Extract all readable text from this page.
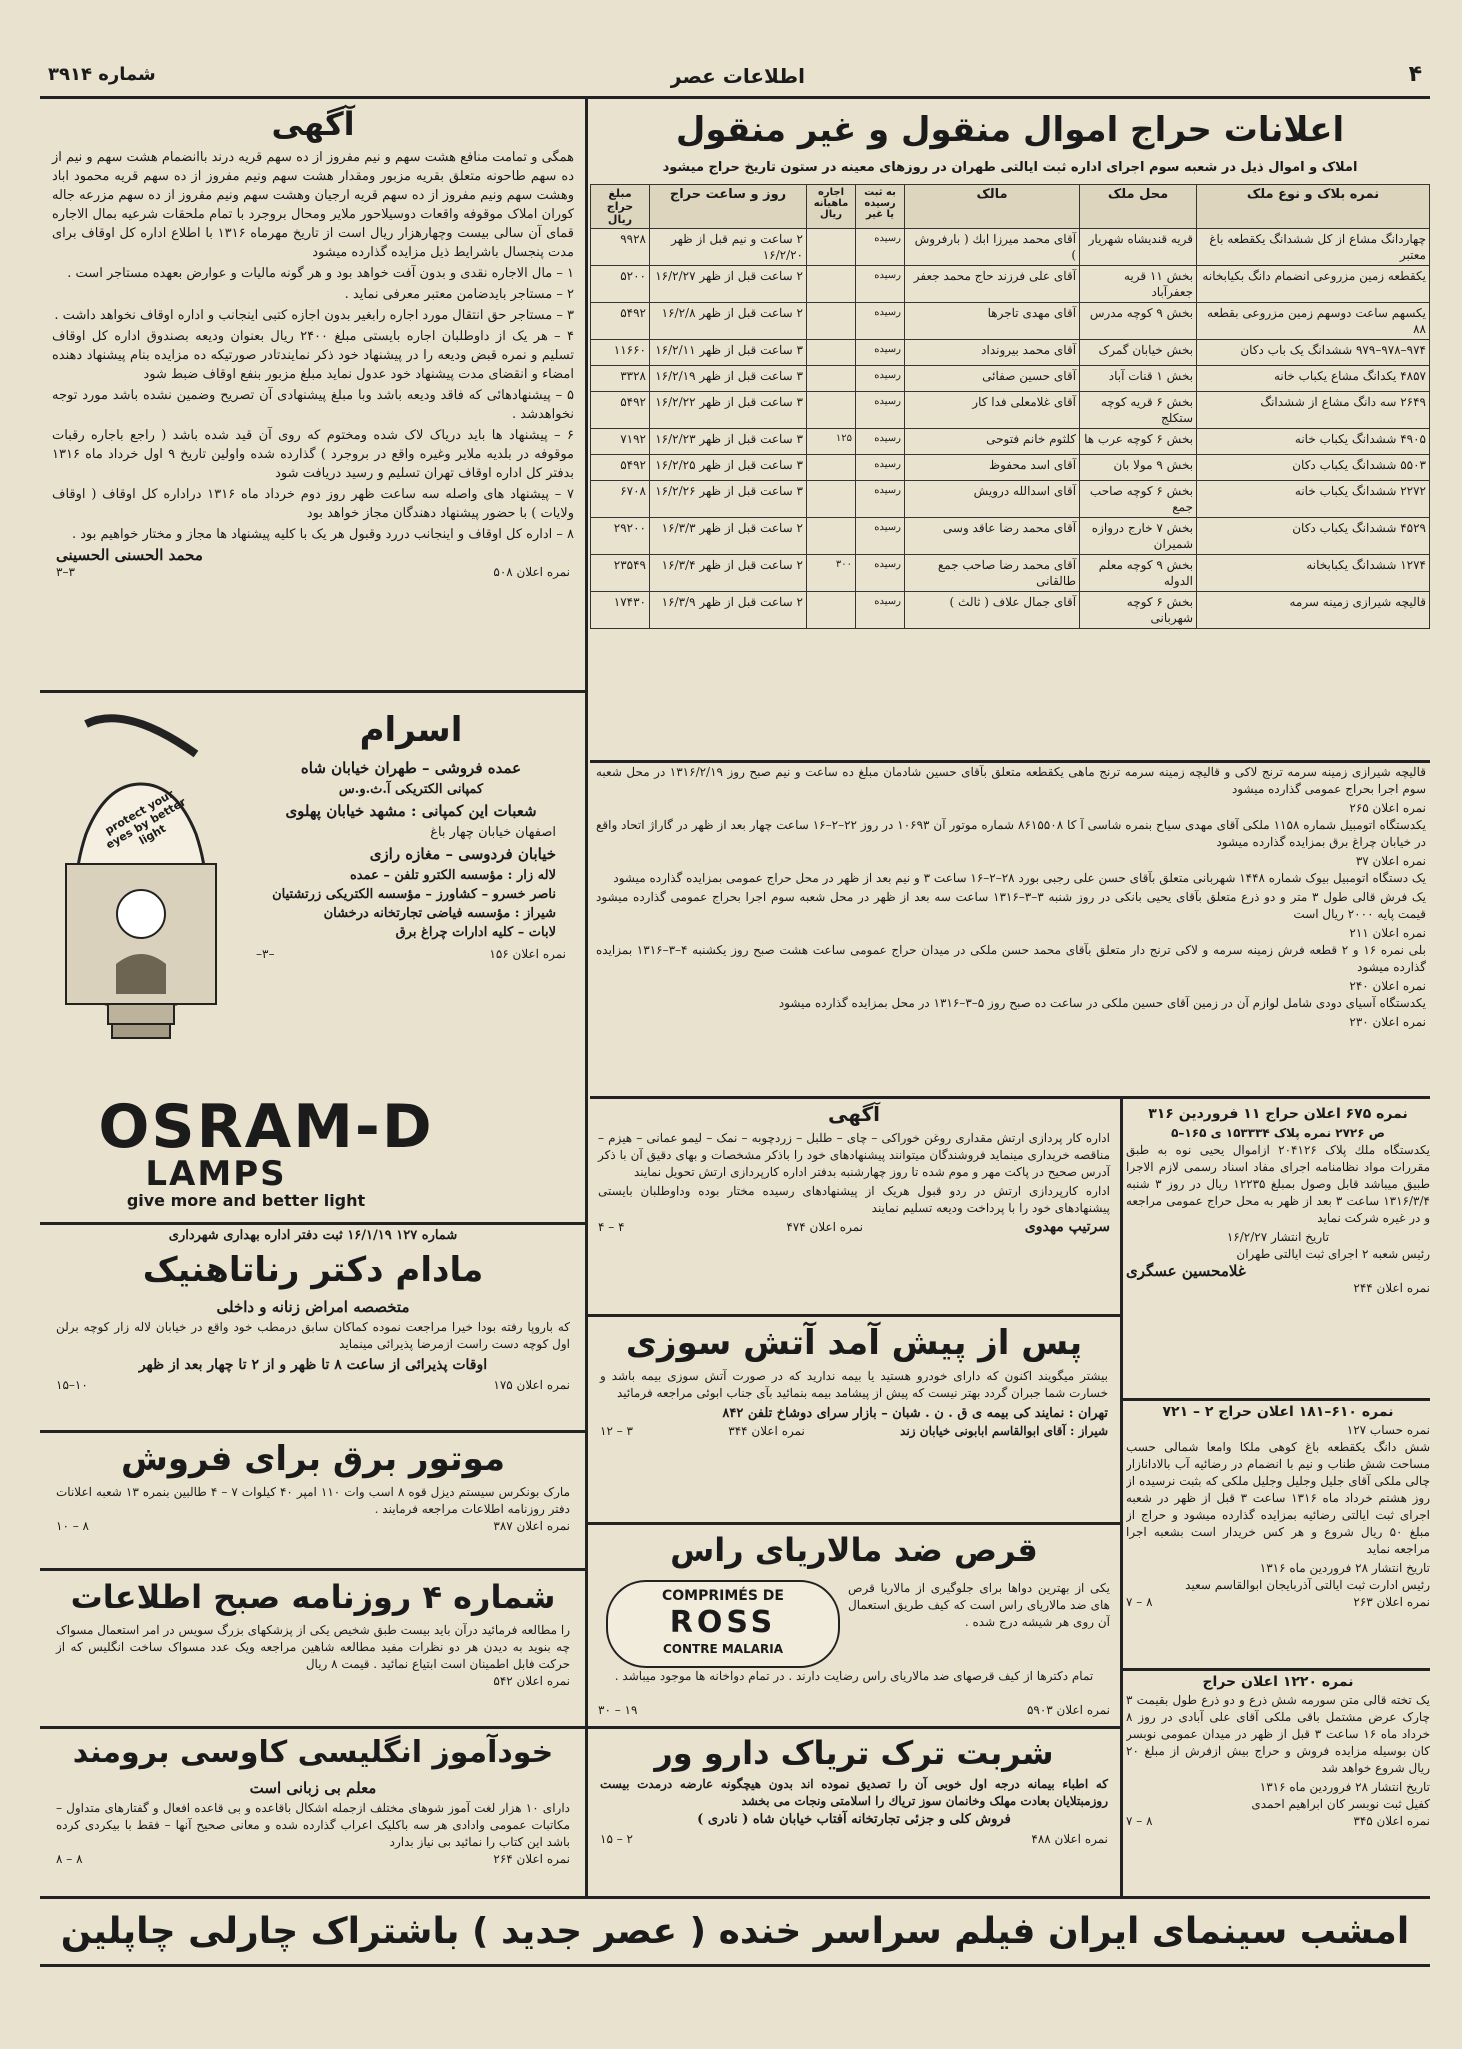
۴
اطلاعات عصر
شماره ۳۹۱۴
اعلانات حراج اموال منقول و غیر منقول
املاک و اموال ذیل در شعبه سوم اجرای اداره ثبت ایالتی طهران در روزهای معینه در ستون تاریخ حراج میشود
نمره بلاک و نوع ملک	محل ملک	مالک	به ثبت رسیده یا غیر	اجاره ماهیانه ریال	روز و ساعت حراج	مبلغ حراج ریال
چهاردانگ مشاع از کل ششدانگ یکقطعه باغ معتبر	قریه قندیشاه شهریار	آقای محمد میرزا ابك ( بارفروش )	رسیده		۲ ساعت و نیم قبل از ظهر ۱۶/۲/۲۰	۹۹۲۸
یکقطعه زمین مزروعی انضمام دانگ بکیابخانه	بخش ۱۱ قریه جعفرآباد	آقای علی فرزند حاج محمد جعفر	رسیده		۲ ساعت قبل از ظهر ۱۶/۲/۲۷	۵۲۰۰
یکسهم ساعت دوسهم زمین مزروعی بقطعه ۸۸	بخش ۹ کوچه مدرس	آقای مهدی تاجرها	رسیده		۲ ساعت قبل از ظهر ۱۶/۲/۸	۵۴۹۲
۹۷۴–۹۷۸–۹۷۹ ششدانگ یک باب دکان	بخش خیابان گمرک	آقای محمد بیرونداد	رسیده		۳ ساعت قبل از ظهر ۱۶/۲/۱۱	۱۱۶۶۰
۴۸۵۷ یکدانگ مشاع یکباب خانه	بخش ۱ قنات آباد	آقای حسین صفائی	رسیده		۳ ساعت قبل از ظهر ۱۶/۲/۱۹	۳۳۲۸
۲۶۴۹ سه دانگ مشاع از ششدانگ	بخش ۶ قریه کوچه ستکلج	آقای غلامعلی فدا کار	رسیده		۳ ساعت قبل از ظهر ۱۶/۲/۲۲	۵۴۹۲
۴۹۰۵ ششدانگ یکباب خانه	بخش ۶ کوچه عرب ها	کلثوم خانم فتوحی	رسیده	۱۲۵	۳ ساعت قبل از ظهر ۱۶/۲/۲۳	۷۱۹۲
۵۵۰۳ ششدانگ یکباب دکان	بخش ۹ مولا بان	آقای اسد محفوظ	رسیده		۳ ساعت قبل از ظهر ۱۶/۲/۲۵	۵۴۹۲
۲۲۷۲ ششدانگ یکباب خانه	بخش ۶ کوچه صاحب جمع	آقای اسدالله درویش	رسیده		۳ ساعت قبل از ظهر ۱۶/۲/۲۶	۶۷۰۸
۴۵۲۹ ششدانگ یکباب دکان	بخش ۷ خارج دروازه شمیران	آقای محمد رضا عاقد وسی	رسیده		۲ ساعت قبل از ظهر ۱۶/۳/۳	۲۹۲۰۰
۱۲۷۴ ششدانگ یکبابخانه	بخش ۹ کوچه معلم الدوله	آقای محمد رضا صاحب جمع طالقانی	رسیده	۳۰۰	۲ ساعت قبل از ظهر ۱۶/۳/۴	۲۳۵۴۹
قالیچه شیرازی زمینه سرمه	بخش ۶ کوچه شهربانی	آقای جمال علاف ( ثالث )	رسیده		۲ ساعت قبل از ظهر ۱۶/۳/۹	۱۷۴۳۰

قالیچه شیرازی زمینه سرمه ترنج لاکی و قالیچه زمینه سرمه ترنج ماهی یکقطعه متعلق بآقای حسین شادمان مبلغ ده ساعت و نیم صبح روز ۱۳۱۶/۲/۱۹ در محل شعبه سوم اجرا بحراج عمومی گذارده میشود

نمره اعلان ۲۶۵

یکدستگاه اتومبیل شماره ۱۱۵۸ ملکی آقای مهدی سیاح بنمره شاسی آ کا ۸۶۱۵۵۰۸ شماره موتور آن ۱۰۶۹۳ در روز ۲۲–۲–۱۶ ساعت چهار بعد از ظهر در گاراژ اتحاد واقع در خیابان چراغ برق بمزایده گذارده میشود

نمره اعلان ۳۷

یک دستگاه اتومبیل بیوک شماره ۱۴۴۸ شهربانی متعلق بآقای حسن علی رجبی بورد ۲۸–۲–۱۶ ساعت ۳ و نیم بعد از ظهر در محل حراج عمومی بمزایده گذارده میشود

یک فرش قالی طول ۳ متر و دو ذرع متعلق بآقای یحیی بانکی در روز شنبه ۳–۳–۱۳۱۶ ساعت سه بعد از ظهر در محل شعبه سوم اجرا بحراج عمومی گذارده میشود قیمت پایه ۲۰۰۰ ریال است

نمره اعلان ۲۱۱

بلی نمره ۱۶ و ۲ قطعه فرش زمینه سرمه و لاکی ترنج دار متعلق بآقای محمد حسن ملکی در میدان حراج عمومی ساعت هشت صبح روز یکشنبه ۴–۳–۱۳۱۶ بمزایده گذارده میشود

نمره اعلان ۲۴۰

یکدستگاه آسیای دودی شامل لوازم آن در زمین آقای حسین ملکی در ساعت ده صبح روز ۵–۳–۱۳۱۶ در محل بمزایده گذارده میشود

نمره اعلان ۲۳۰
نمره ۶۷۵ اعلان حراج ۱۱ فروردین ۳۱۶
ص ۲۷۲۶ نمره پلاک ۱۵۳۳۳۴ ی ۱۶۵–۵

یکدستگاه ملك پلاک ۲۰۴۱۲۶ ازاموال یحیی نوه به طبق مقررات مواد نظامنامه اجرای مفاد اسناد رسمی لازم الاجرا طبیق میباشد قابل وصول بمبلغ ۱۲۲۳۵ ریال در روز ۳ شنبه ۱۳۱۶/۳/۴ ساعت ۳ بعد از ظهر به محل حراج عمومی مراجعه و در غیره شرکت نماید

تاریخ انتشار ۱۶/۲/۲۷
رئیس شعبه ۲ اجرای ثبت ایالتی طهران
غلامحسین عسگری
نمره اعلان ۲۴۴
نمره ۶۱۰–۱۸۱ اعلان حراج ۲ – ۷۲۱
نمره حساب ۱۲۷

شش دانگ یکقطعه باغ کوهی ملکا وامعا شمالی حسب مساحت شش طناب و نیم با انضمام در رضائیه آب بالادانازار چالی ملکی آقای جلیل وجلیل وجلیل ملکی که بثبت نرسیده از روز هشتم خرداد ماه ۱۳۱۶ ساعت ۳ قبل از ظهر در شعبه اجرای ثبت ایالتی رضائیه بمزایده گذارده میشود و حراج از مبلغ ۵۰ ریال شروع و هر کس خریدار است بشعبه اجرا مراجعه نماید

تاریخ انتشار ۲۸ فروردین ماه ۱۳۱۶
رئیس ادارت ثبت ایالتی آذربایجان ابوالقاسم سعید
نمره اعلان ۲۶۳
۸ – ۷
نمره ۱۲۲۰ اعلان حراج

یک تخته قالی متن سورمه شش ذرع و دو ذرع طول بقیمت ۳ چارک عرض مشتمل باقی ملکی آقای علی آبادی در روز ۸ خرداد ماه ۱۶ ساعت ۳ قبل از ظهر در میدان عمومی نوبسر کان بوسیله مزایده فروش و حراج بیش ازفرش از مبلغ ۲۰ ریال شروع خواهد شد

تاریخ انتشار ۲۸ فروردین ماه ۱۳۱۶
کفیل ثبت نوبسر کان ابراهیم احمدی
نمره اعلان ۳۴۵
۸ – ۷
آگهی

اداره کار پردازی ارتش مقداری روغن خوراکی – چای – طلبل – زردچوبه – نمک – لیمو عمانی – هیزم – مناقصه خریداری مینماید فروشندگان میتوانند پیشنهادهای خود را باذکر مشخصات و بهای دقیق آن با ذکر آدرس صحیح در پاکت مهر و موم شده تا روز چهارشنبه بدفتر اداره کارپردازی ارتش تحویل نمایند

اداره کارپردازی ارتش در ردو قبول هریک از پیشنهادهای رسیده مختار بوده وداوطلبان بایستی پیشنهادهای خود را با پرداخت ودیعه تسلیم نمایند

سرتیپ مهدوی
نمره اعلان ۴۷۴
۴ – ۴
پس از پیش آمد آتش سوزی
بیشتر میگویند اکنون که دارای خودرو هستید یا بیمه ندارید که در صورت آتش سوزی بیمه باشد و خسارت شما جبران گردد بهتر نیست که پیش از پیشامد بیمه بنمائید بآی جناب ابوئی مراجعه فرمائید
تهران : نمایند کی بیمه ی ق . ن . شبان – بازار سرای دوشاخ تلفن ۸۴۲
شیراز : آقای ابوالقاسم ابابونی خیابان زند
نمره اعلان ۳۴۴
۳ – ۱۲
قرص ضد مالاریای راس
COMPRIMÉS DE
ROSS
CONTRE MALARIA
یکی از بهترین دواها برای جلوگیری از مالاریا قرص های ضد مالاریای راس است که کیف طریق استعمال آن روی هر شیشه درج شده .
تمام دکترها از کیف قرصهای ضد مالاریای راس رضایت دارند . در تمام دواخانه ها موجود میباشد .
نمره اعلان ۵۹۰۳
۱۹ – ۳۰
شربت ترک تریاک دارو ور
که اطباء بیمانه درجه اول خوبی آن را تصدیق نموده اند بدون هیچگونه عارضه درمدت بیست روزمبتلایان بعادت مهلک وخانمان سوز ترياك را اسلامتی ونجات می بخشد
فروش کلی و جزئی تجارتخانه آفتاب خیابان شاه ( نادری )
نمره اعلان ۴۸۸
۲ – ۱۵
آگهی

همگی و تمامت منافع هشت سهم و نیم مفروز از ده سهم قریه درند باانضمام هشت سهم و نیم از ده سهم طاحونه متعلق بقریه مزبور ومقدار هشت سهم ونیم مفروز از ده سهم قریه محمود اباد وهشت سهم ونیم مفروز از ده سهم قریه ارجیان وهشت سهم ونیم مفروز از ده سهم مزرعه جاله کوران املاک موقوفه واقعات دوسیلاحور ملایر ومحال بروجرد با تمام ملحقات شرعیه بمال الاجاره قمای آن سالی بیست وچهارهزار ریال است از تاریخ مهرماه ۱۳۱۶ با اطلاع اداره کل اوقاف برای مدت پنجسال باشرایط ذیل مزایده گذارده میشود

۱ – مال الاجاره نقدی و بدون آفت خواهد بود و هر گونه مالیات و عوارض بعهده مستاجر است .

۲ – مستاجر بایدضامن معتبر معرفی نماید .

۳ – مستاجر حق انتقال مورد اجاره رابغیر بدون اجازه کتبی اینجانب و اداره اوقاف نخواهد داشت .

۴ – هر یک از داوطلبان اجاره بایستی مبلغ ۲۴۰۰ ریال بعنوان ودیعه بصندوق اداره کل اوقاف تسلیم و نمره قبض ودیعه را در پیشنهاد خود ذکر نمایندتادر صورتیکه ده مزایده بنام پیشنهاد دهنده امضاء و انقضای مدت پیشنهاد خود عدول نماید مبلغ مزبور بنفع اوقاف ضبط شود

۵ – پیشنهادهائی که فاقد ودیعه باشد وبا مبلغ پیشنهادی آن تصریح وضمین نشده باشد مورد توجه نخواهدشد .

۶ – پیشنهاد ها باید دریاک لاک شده ومختوم که روی آن قید شده باشد ( راجع باجاره رقبات موقوفه در بلدیه ملایر وغیره واقع در بروجرد ) گذارده شده واولین تاریخ ۹ اول خرداد ماه ۱۳۱۶ بدفتر کل اداره اوقاف تهران تسلیم و رسید دریافت شود

۷ – پیشنهاد های واصله سه ساعت ظهر روز دوم خرداد ماه ۱۳۱۶ دراداره کل اوقاف ( اوقاف ولایات ) با حضور پیشنهاد دهندگان مجاز خواهد بود

۸ – اداره کل اوقاف و اینجانب دررد وقبول هر یک با کلیه پیشنهاد ها مجاز و مختار خواهیم بود .

محمد الحسنی الحسینی
نمره اعلان ۵۰۸
۳–۳
protect your eyes by better light
اسرام
عمده فروشی – طهران خیابان شاه
کمپانی الکتریکی آ.ث.و.س
شعبات این کمپانی : مشهد خیابان پهلوی
اصفهان خیابان چهار باغ
خیابان فردوسی – مغازه رازی
لاله زار : مؤسسه الکترو تلفن – عمده
ناصر خسرو – کشاورز – مؤسسه الکتریکی زرتشتیان
شیراز : مؤسسه فیاضی تجارتخانه درخشان
لابات – کلیه ادارات چراغ برق
نمره اعلان ۱۵۶
–۳–
OSRAM-D
LAMPS
give more and better light
شماره ۱۲۷ ۱۶/۱/۱۹ ثبت دفتر اداره بهداری شهرداری
مادام دکتر رناتاهنیک
متخصصه امراض زنانه و داخلی
که باروپا رفته بودا خیرا مراجعت نموده کماکان سابق درمطب خود واقع در خیابان لاله زار کوچه برلن اول کوچه دست راست ازمرضا پذیرائی مینماید
اوقات پذیرائی از ساعت ۸ تا ظهر و از ۲ تا چهار بعد از ظهر
نمره اعلان ۱۷۵
۱۰–۱۵
موتور برق برای فروش
مارک بونکرس سیستم دیزل قوه ۸ اسب وات ۱۱۰ امپر ۴۰ کیلوات ۷ – ۴ طالبین بنمره ۱۳ شعبه اعلانات دفتر روزنامه اطلاعات مراجعه فرمایند .
نمره اعلان ۳۸۷
۸ – ۱۰
شماره ۴ روزنامه صبح اطلاعات
را مطالعه فرمائید درآن باید بیست طبق شخیص یکی از پزشکهای بزرگ سویس در امر استعمال مسواک چه بنوید به دیدن هر دو نظرات مفید مطالعه شاهین مراجعه ویک عدد مسواک ساخت انگلیس که از حرکت فابل اطمینان است ابتیاع نمائید . قیمت ۸ ریال
نمره اعلان ۵۴۲
خودآموز انگلیسی کاوسی برومند
معلم بی زبانی است
دارای ۱۰ هزار لغت آموز شوهای مختلف ازجمله اشکال باقاعده و بی قاعده افعال و گفتارهای متداول – مکاتبات عمومی وادادی هر سه باکلیک اعراب گذارده شده و معانی صحیح آنها – فقط با بیکردی کرده باشد این کتاب را نمائید بی نیاز بدارد
نمره اعلان ۲۶۴
۸ – ۸
امشب سینمای ایران فیلم سراسر خنده ( عصر جدید ) باشتراک چارلی چاپلین
